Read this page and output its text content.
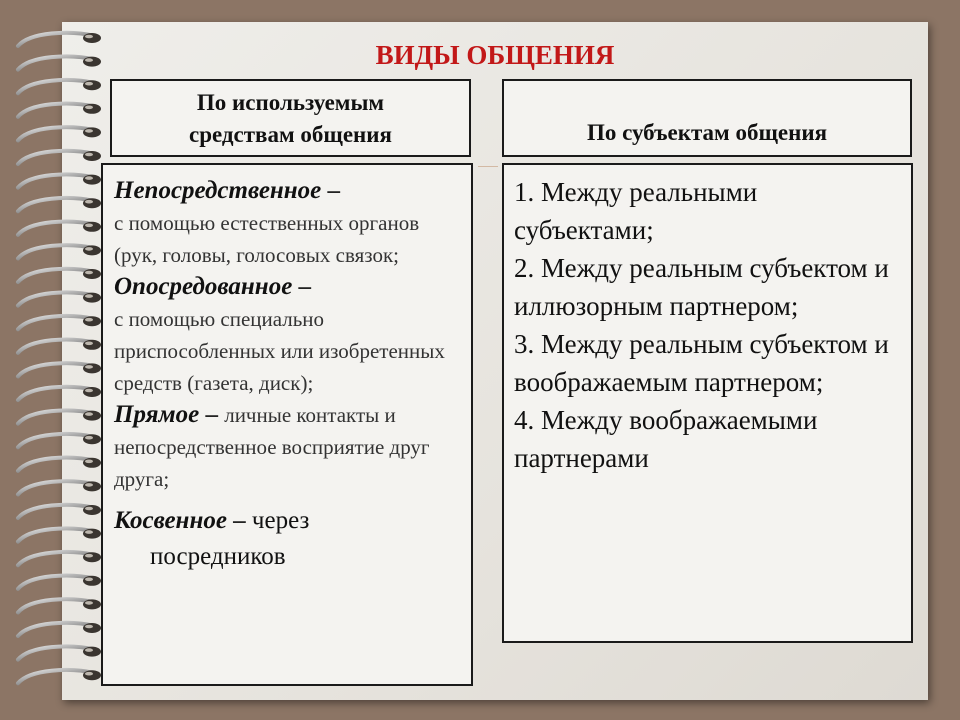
ВИДЫ ОБЩЕНИЯ
По используемым
средствам общения	По субъектам общения

Непосредственное –
с помощью естественных органов (рук, головы, голосовых связок;

Опосредованное –
с помощью специально приспособленных или изобретенных средств (газета, диск);

Прямое – личные контакты и непосредственное восприятие друг друга;

Косвенное – через
посредников

1. Между реальными субъектами;
2. Между реальным субъектом и иллюзорным партнером;
3. Между реальным субъектом и воображаемым партнером;
4. Между воображаемыми партнерами
